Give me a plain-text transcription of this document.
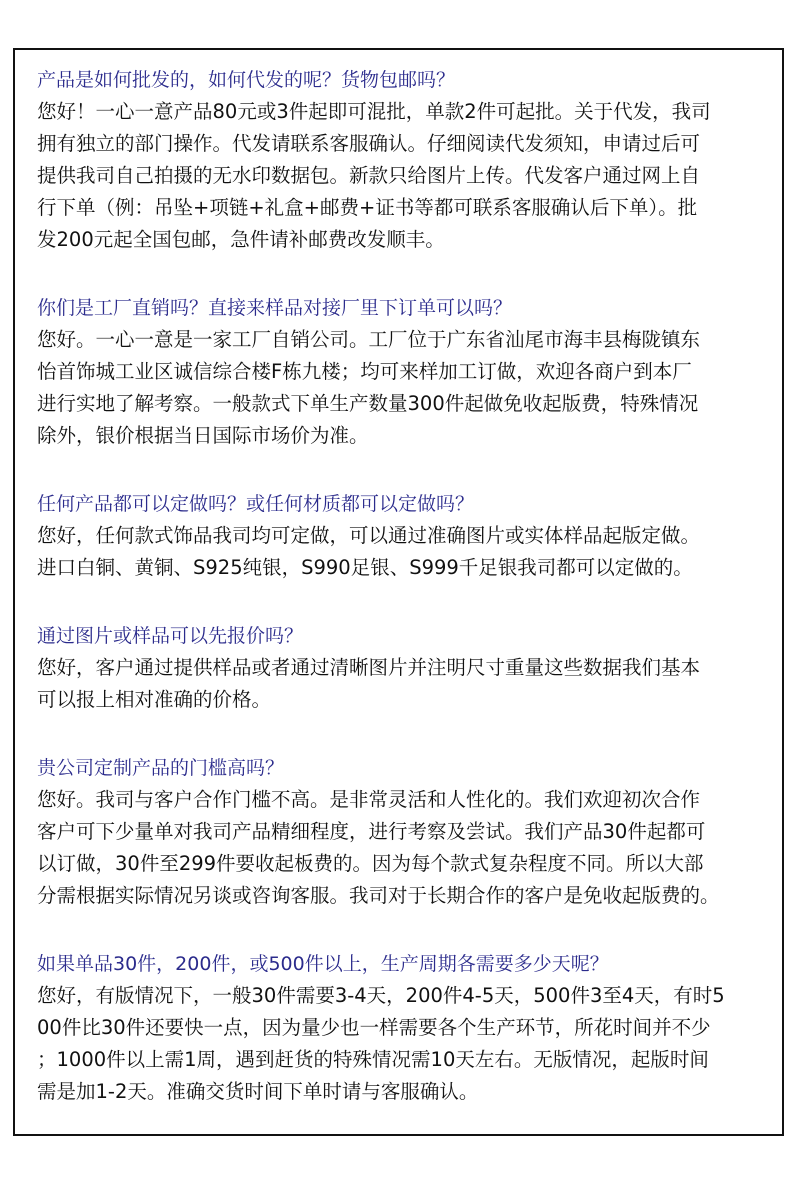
产品是如何批发的，如何代发的呢？货物包邮吗？
您好！一心一意产品80元或3件起即可混批，单款2件可起批。关于代发，我司
拥有独立的部门操作。代发请联系客服确认。仔细阅读代发须知，申请过后可
提供我司自己拍摄的无水印数据包。新款只给图片上传。代发客户通过网上自
行下单（例：吊坠+项链+礼盒+邮费+证书等都可联系客服确认后下单）。批
发200元起全国包邮，急件请补邮费改发顺丰。
你们是工厂直销吗？直接来样品对接厂里下订单可以吗？
您好。一心一意是一家工厂自销公司。工厂位于广东省汕尾市海丰县梅陇镇东
怡首饰城工业区诚信综合楼F栋九楼；均可来样加工订做，欢迎各商户到本厂
进行实地了解考察。一般款式下单生产数量300件起做免收起版费，特殊情况
除外，银价根据当日国际市场价为准。
任何产品都可以定做吗？或任何材质都可以定做吗？
您好，任何款式饰品我司均可定做，可以通过准确图片或实体样品起版定做。
进口白铜、黄铜、S925纯银，S990足银、S999千足银我司都可以定做的。
通过图片或样品可以先报价吗？
您好，客户通过提供样品或者通过清晰图片并注明尺寸重量这些数据我们基本
可以报上相对准确的价格。
贵公司定制产品的门槛高吗？
您好。我司与客户合作门槛不高。是非常灵活和人性化的。我们欢迎初次合作
客户可下少量单对我司产品精细程度，进行考察及尝试。我们产品30件起都可
以订做，30件至299件要收起板费的。因为每个款式复杂程度不同。所以大部
分需根据实际情况另谈或咨询客服。我司对于长期合作的客户是免收起版费的。
如果单品30件，200件，或500件以上，生产周期各需要多少天呢？
您好，有版情况下，一般30件需要3-4天，200件4-5天，500件3至4天，有时5
00件比30件还要快一点，因为量少也一样需要各个生产环节，所花时间并不少
；1000件以上需1周，遇到赶货的特殊情况需10天左右。无版情况，起版时间
需是加1-2天。准确交货时间下单时请与客服确认。
